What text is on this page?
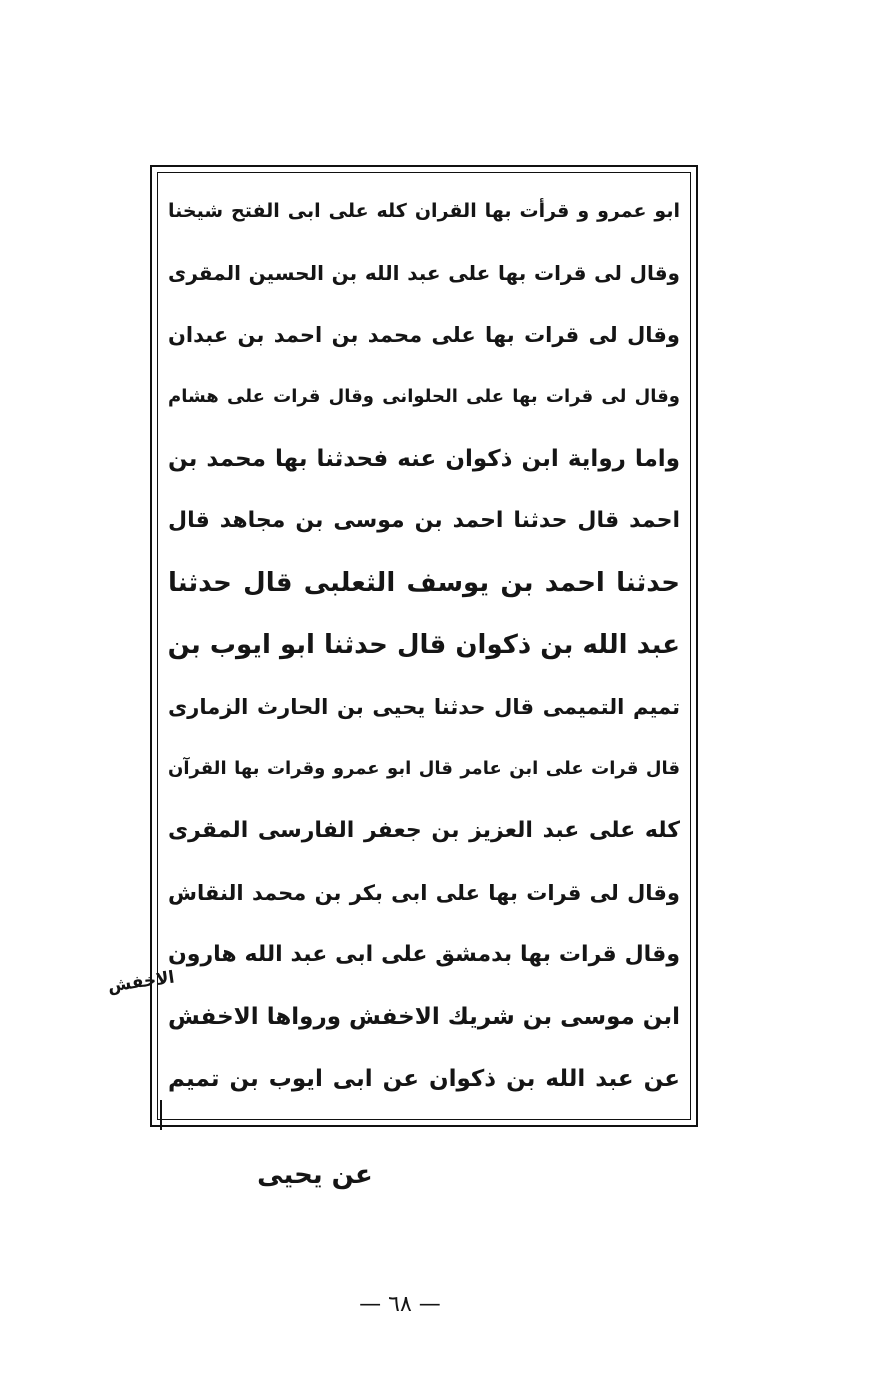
ابو عمرو و قرأت بها القران كله علی ابی الفتح شیخنا
وقال لی قرات بها علی عبد الله بن الحسین المقری
وقال لی قرات بها علی محمد بن احمد بن عبدان
وقال لی قرات بها علی الحلوانی وقال قرات علی هشام
واما روایة ابن ذکوان عنه فحدثنا بها محمد بن
احمد قال حدثنا احمد بن موسی بن مجاهد قال
حدثنا احمد بن یوسف الثعلبی قال حدثنا
عبد الله بن ذکوان قال حدثنا ابو ایوب بن
تمیم التمیمی قال حدثنا یحیی بن الحارث الزماری
قال قرات علی ابن عامر قال ابو عمرو وقرات بها القرآن
کله علی عبد العزیز بن جعفر الفارسی المقری
وقال لی قرات بها علی ابی بکر بن محمد النقاش
وقال قرات بها بدمشق علی ابی عبد الله هارون
ابن موسی بن شریك الاخفش ورواها الاخفش
عن عبد الله بن ذکوان عن ابی ایوب بن تمیم
الاخفش
عن یحیی
— ٦٨ —
